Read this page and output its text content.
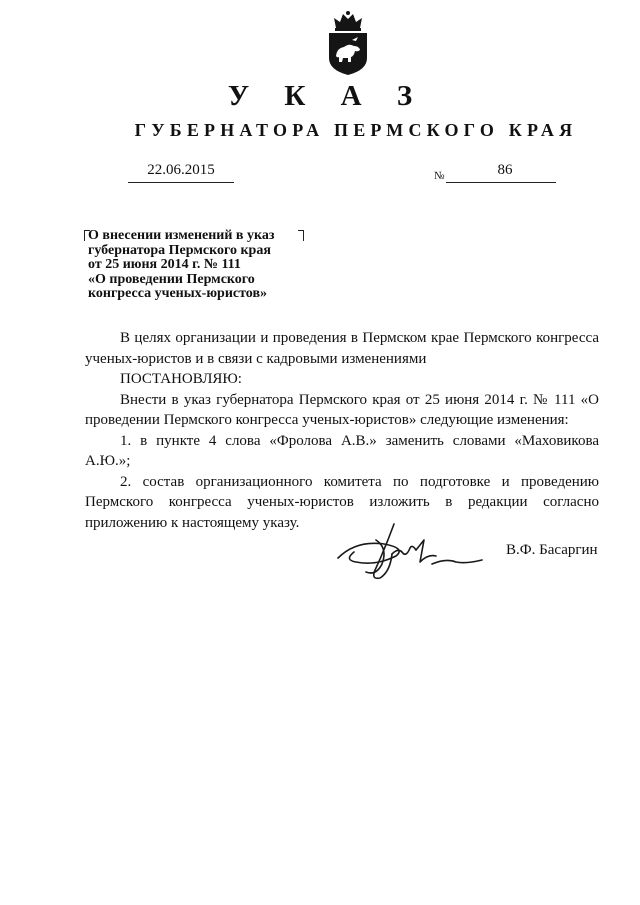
У К А З
ГУБЕРНАТОРА ПЕРМСКОГО КРАЯ
22.06.2015	№	86
О внесении изменений в указ
губернатора Пермского края
от 25 июня 2014 г. № 111
«О проведении Пермского
конгресса ученых-юристов»

В целях организации и проведения в Пермском крае Пермского конгресса ученых-юристов и в связи с кадровыми изменениями

ПОСТАНОВЛЯЮ:

Внести в указ губернатора Пермского края от 25 июня 2014 г. № 111 «О проведении Пермского конгресса ученых-юристов» следующие изменения:

1. в пункте 4 слова «Фролова А.В.» заменить словами «Маховикова А.Ю.»;

2. состав организационного комитета по подготовке и проведению Пермского конгресса ученых-юристов изложить в редакции согласно приложению к настоящему указу.

В.Ф. Басаргин
